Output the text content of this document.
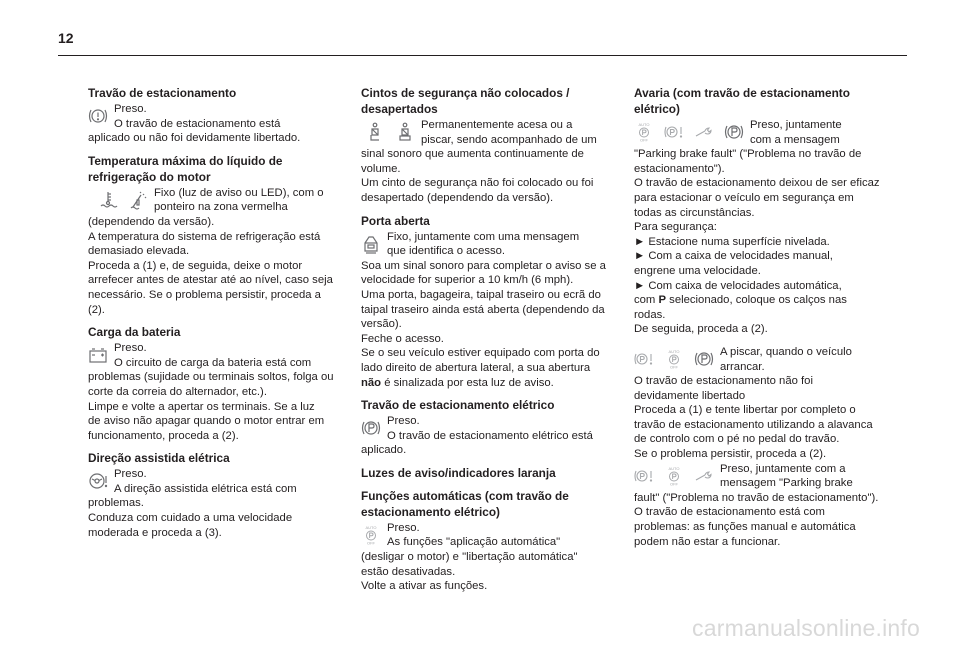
12
Travão de estacionamento
Preso.
O travão de estacionamento está
aplicado ou não foi devidamente libertado.
Temperatura máxima do líquido de
refrigeração do motor
Fixo (luz de aviso ou LED), com o
ponteiro na zona vermelha
(dependendo da versão).
A temperatura do sistema de refrigeração está
demasiado elevada.
Proceda a (1) e, de seguida, deixe o motor
arrefecer antes de atestar até ao nível, caso seja
necessário. Se o problema persistir, proceda a
(2).
Carga da bateria
Preso.
O circuito de carga da bateria está com
problemas (sujidade ou terminais soltos, folga ou
corte da correia do alternador, etc.).
Limpe e volte a apertar os terminais. Se a luz
de aviso não apagar quando o motor entrar em
funcionamento, proceda a (2).
Direção assistida elétrica
Preso.
A direção assistida elétrica está com
problemas.
Conduza com cuidado a uma velocidade
moderada e proceda a (3).
Cintos de segurança não colocados /
desapertados
Permanentemente acesa ou a
piscar, sendo acompanhado de um
sinal sonoro que aumenta continuamente de
volume.
Um cinto de segurança não foi colocado ou foi
desapertado (dependendo da versão).
Porta aberta
Fixo, juntamente com uma mensagem
que identifica o acesso.
Soa um sinal sonoro para completar o aviso se a
velocidade for superior a 10 km/h (6 mph).
Uma porta, bagageira, taipal traseiro ou ecrã do
taipal traseiro ainda está aberta (dependendo da
versão).
Feche o acesso.
Se o seu veículo estiver equipado com porta do
lado direito de abertura lateral, a sua abertura
não é sinalizada por esta luz de aviso.
Travão de estacionamento elétrico
Preso.
O travão de estacionamento elétrico está
aplicado.
Luzes de aviso/indicadores laranja
Funções automáticas (com travão de
estacionamento elétrico)
AUTO
OFF
Preso.
As funções "aplicação automática"
(desligar o motor) e "libertação automática"
estão desativadas.
Volte a ativar as funções.
Avaria (com travão de estacionamento
elétrico)
AUTO
OFF
Preso, juntamente
com a mensagem
"Parking brake fault" ("Problema no travão de
estacionamento").
O travão de estacionamento deixou de ser eficaz
para estacionar o veículo em segurança em
todas as circunstâncias.
Para segurança:
► Estacione numa superfície nivelada.
► Com a caixa de velocidades manual,
engrene uma velocidade.
► Com caixa de velocidades automática,
com P selecionado, coloque os calços nas
rodas.
De seguida, proceda a (2).
AUTO
OFF
A piscar, quando o veículo
arrancar.
O travão de estacionamento não foi
devidamente libertado
Proceda a (1) e tente libertar por completo o
travão de estacionamento utilizando a alavanca
de controlo com o pé no pedal do travão.
Se o problema persistir, proceda a (2).
AUTO
OFF
Preso, juntamente com a
mensagem "Parking brake
fault" ("Problema no travão de estacionamento").
O travão de estacionamento está com
problemas: as funções manual e automática
podem não estar a funcionar.
carmanualsonline.info
